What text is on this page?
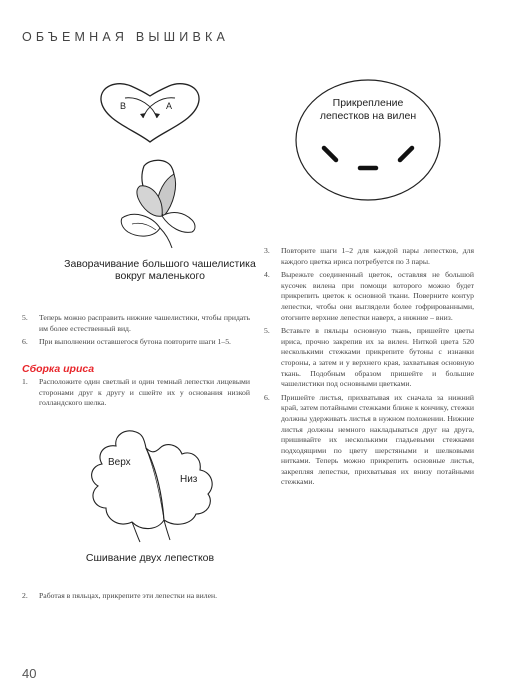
ОБЪЕМНАЯ ВЫШИВКА
B	A
Заворачивание большого чашелистика
вокруг маленького
Прикрепление
лепестков на вилен
5. Теперь можно расправить нижние чашелистики, чтобы придать им более естественный вид.
6. При выполнении оставшегося бутона повторите шаги 1–5.
Сборка ириса
1. Расположите один светлый и один темный лепестки лицевыми сторонами друг к другу и сшейте их у основания низкой голландского шелка.
Верх
Низ
Сшивание двух лепестков
2. Работая в пяльцах, прикрепите эти лепестки на вилен.
3. Повторите шаги 1–2 для каждой пары лепестков, для каждого цветка ириса потребуется по 3 пары.
4. Вырежьте соединенный цветок, оставляя не большой кусочек вилена при помощи которого можно будет прикрепить цветок к основной ткани. Поверните контур лепестки, чтобы они выглядели более гофрированными, отогните верхние лепестки наверх, а нижние – вниз.
5. Вставьте в пяльцы основную ткань, пришейте цветы ириса, прочно закрепив их за вилен. Ниткой цвета 520 несколькими стежками прикрепите бутоны с изнанки стороны, а затем и у верхнего края, захватывая основную ткань. Подобным образом пришейте и большие чашелистики под основными цветками.
6. Пришейте листья, прихватывая их сначала за нижний край, затем потайными стежками ближе к кончику, стежки должны удерживать листья в нужном положении. Нижние листья должны немного накладываться друг на друга, пришивайте их несколькими гладьевыми стежками подходящими по цвету шерстяными и шелковыми нитками. Теперь можно прикрепить основные листья, закрепляя лепестки, прихватывая их внизу потайными стежками.
40
